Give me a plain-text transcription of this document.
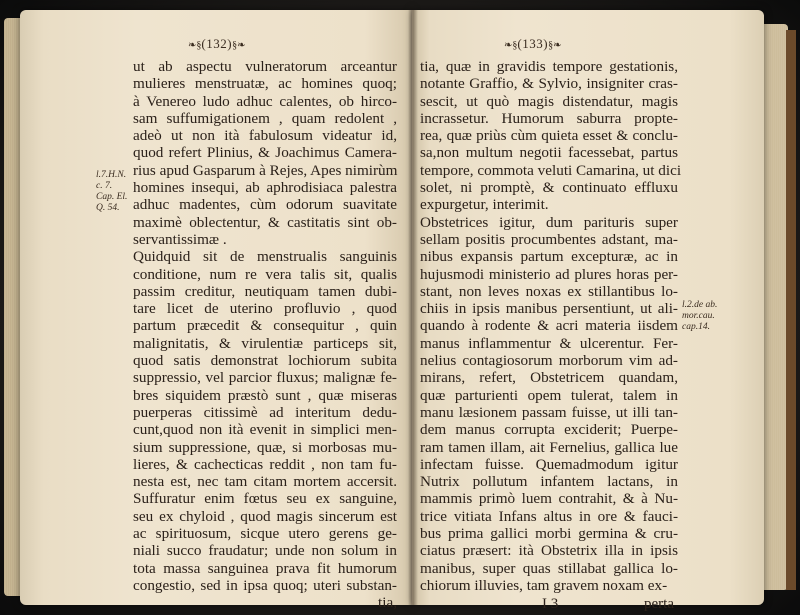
❧§(132)§❧
ut ab aspectu vulneratorum arceantur
mulieres menstruatæ, ac homines quoq;
à Venereo ludo adhuc calentes, ob hirco-
sam suffumigationem , quam redolent ,
adeò ut non ità fabulosum videatur id,
quod refert Plinius, & Joachimus Camera-
rius apud Gasparum à Rejes, Apes nimirùm
homines insequi, ab aphrodisiaca palestra
adhuc madentes, cùm odorum suavitate
maximè oblectentur, & castitatis sint ob-
servantissimæ .
Quidquid sit de menstrualis sanguinis
conditione, num re vera talis sit, qualis
passim creditur, neutiquam tamen dubi-
tare licet de uterino profluvio , quod
partum præcedit & consequitur , quin
malignitatis, & virulentiæ particeps sit,
quod satis demonstrat lochiorum subita
suppressio, vel parcior fluxus; malignæ fe-
bres siquidem præstò sunt , quæ miseras
puerperas citissimè ad interitum dedu-
cunt,quod non ità evenit in simplici men-
sium suppressione, quæ, si morbosas mu-
lieres, & cachecticas reddit , non tam fu-
nesta est, nec tam citam mortem accersit.
Suffuratur enim fœtus seu ex sanguine,
seu ex chyloid , quod magis sincerum est
ac spirituosum, sicque utero gerens ge-
niali succo fraudatur; unde non solum in
tota massa sanguinea prava fit humorum
congestio, sed in ipsa quoq; uteri substan-
tia,
l.7.H.N.
c. 7.
Cap. El.
Q. 54.
❧§(133)§❧
tia, quæ in gravidis tempore gestationis,
notante Graffio, & Sylvio, insigniter cras-
sescit, ut quò magis distendatur, magis
incrassetur. Humorum saburra propte-
rea, quæ priùs cùm quieta esset & conclu-
sa,non multum negotii facessebat, partus
tempore, commota veluti Camarina, ut dici
solet, ni promptè, & continuato effluxu
expurgetur, interimit.
Obstetrices igitur, dum parituris super
sellam positis procumbentes adstant, ma-
nibus expansis partum excepturæ, ac in
hujusmodi ministerio ad plures horas per-
stant, non leves noxas ex stillantibus lo-
chiis in ipsis manibus persentiunt, ut ali-
quando à rodente & acri materia iisdem
manus inflammentur & ulcerentur. Fer-
nelius contagiosorum morborum vim ad-
mirans, refert, Obstetricem quandam,
quæ parturienti opem tulerat, talem in
manu læsionem passam fuisse, ut illi tan-
dem manus corrupta exciderit; Puerpe-
ram tamen illam, ait Fernelius, gallica lue
infectam fuisse. Quemadmodum igitur
Nutrix pollutum infantem lactans, in
mammis primò luem contrahit, & à Nu-
trice vitiata Infans altus in ore & fauci-
bus prima gallici morbi germina & cru-
ciatus præsert: ità Obstetrix illa in ipsis
manibus, super quas stillabat gallica lo-
chiorum illuvies, tam gravem noxam ex-
l.2.de ab.
mor.cau.
cap.14.
I 3	perta
